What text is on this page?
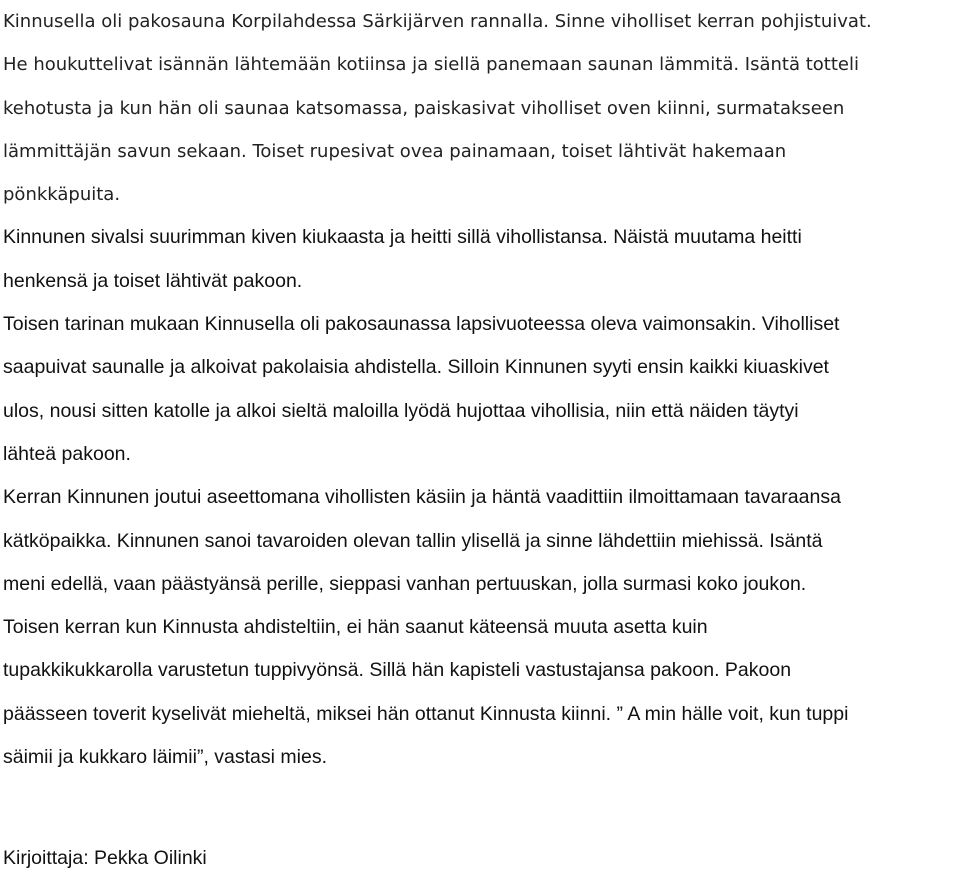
Kinnusella oli pakosauna Korpilahdessa Särkijärven rannalla. Sinne viholliset kerran pohjistuivat.
He houkuttelivat isännän lähtemään kotiinsa ja siellä panemaan saunan lämmitä. Isäntä totteli
kehotusta ja kun hän oli saunaa katsomassa, paiskasivat viholliset oven kiinni, surmatakseen
lämmittäjän savun sekaan. Toiset rupesivat ovea painamaan, toiset lähtivät hakemaan
pönkkäpuita.
Kinnunen sivalsi suurimman kiven kiukaasta ja heitti sillä vihollistansa. Näistä muutama heitti
henkensä ja toiset lähtivät pakoon.
Toisen tarinan mukaan Kinnusella oli pakosaunassa lapsivuoteessa oleva vaimonsakin. Viholliset
saapuivat saunalle ja alkoivat pakolaisia ahdistella. Silloin Kinnunen syyti ensin kaikki kiuaskivet
ulos, nousi sitten katolle ja alkoi sieltä maloilla lyödä hujottaa vihollisia, niin että näiden täytyi
lähteä pakoon.
Kerran Kinnunen joutui aseettomana vihollisten käsiin ja häntä vaadittiin ilmoittamaan tavaraansa
kätköpaikka. Kinnunen sanoi tavaroiden olevan tallin ylisellä ja sinne lähdettiin miehissä. Isäntä
meni edellä, vaan päästyänsä perille, sieppasi vanhan pertuuskan, jolla surmasi koko joukon.
Toisen kerran kun Kinnusta ahdisteltiin, ei hän saanut käteensä muuta asetta kuin
tupakkikukkarolla varustetun tuppivyönsä. Sillä hän kapisteli vastustajansa pakoon. Pakoon
päässeen toverit kyselivät mieheltä, miksei hän ottanut Kinnusta kiinni. ” A min hälle voit, kun tuppi
säimii ja kukkaro läimii”, vastasi mies.
Kirjoittaja: Pekka Oilinki
